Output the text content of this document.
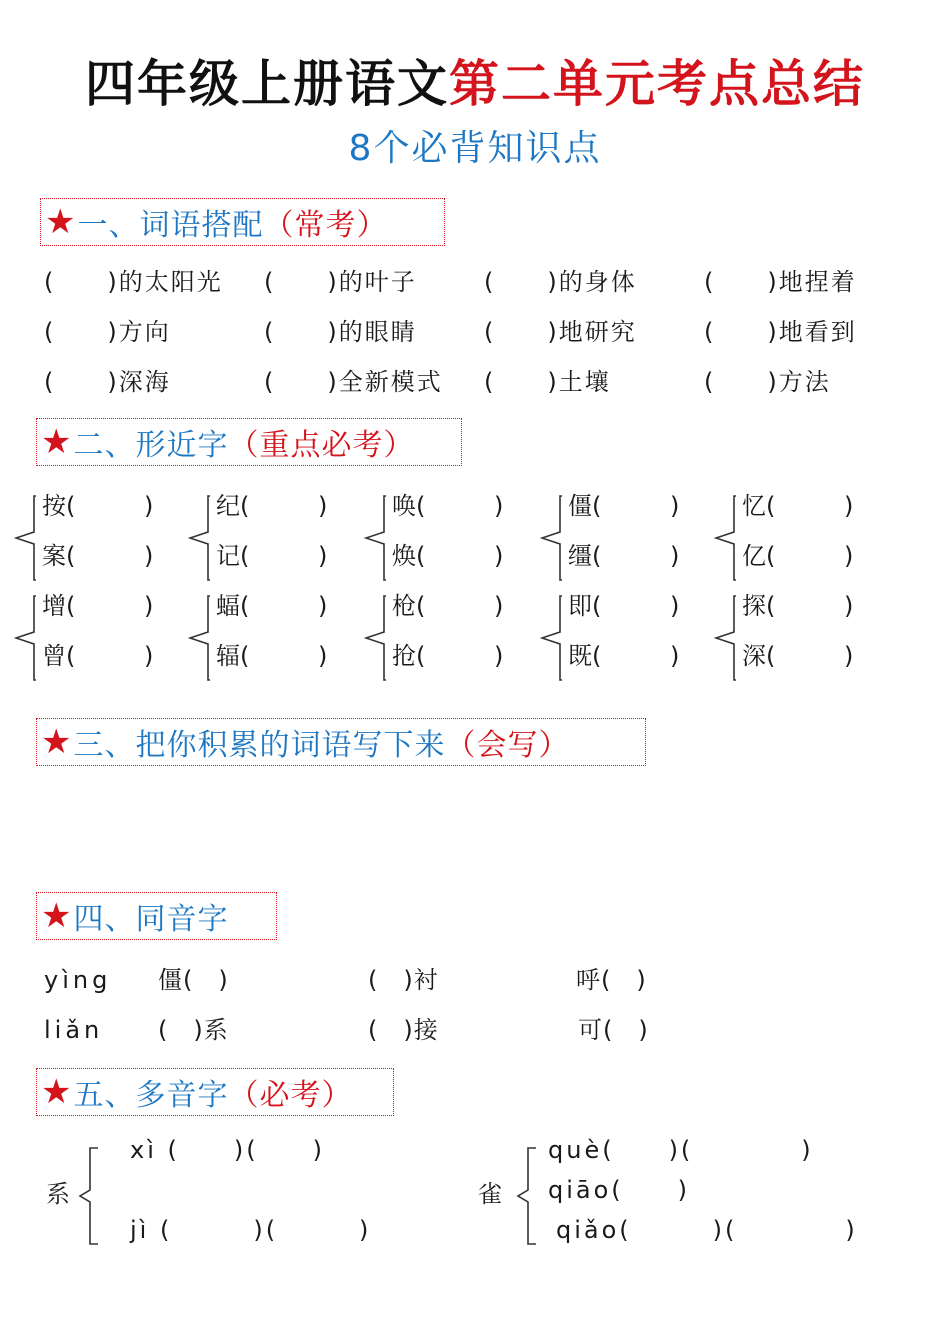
四年级上册语文第二单元考点总结
8个必背知识点
★ 一、词语搭配 （常考）
(　　)的太阳光 (　　)的叶子	(　　)的身体	(　　)地捏着
(　　)方向	(　　)的眼睛	(　　)地研究	(　　)地看到
(　　)深海	(　　)全新模式 (　　)土壤	(　　)方法
★ 二、形近字 （重点必考）
按(	)
案(	)
纪(	)
记(	)
唤(	)
焕(	)
僵(	)
缰(	)
忆(	)
亿(	)
增(	)
曾(	)
蝠(	)
辐(	)
枪(	)
抢(	)
即(	)
既(	)
探(	)
深(	)
★ 三、把你积累的词语写下来 （会写）
★ 四、同音字
yìng 僵(　)	(　)衬	呼(　)
liǎn (　)系	(　)接	可(　)
★ 五、多音字 （必考）
系
xì (　　)(　　)
jì (　　　)(　　　)
雀
què(　　)(　　　　)
qiāo(　　)
qiǎo(　　　)(　　　　)
